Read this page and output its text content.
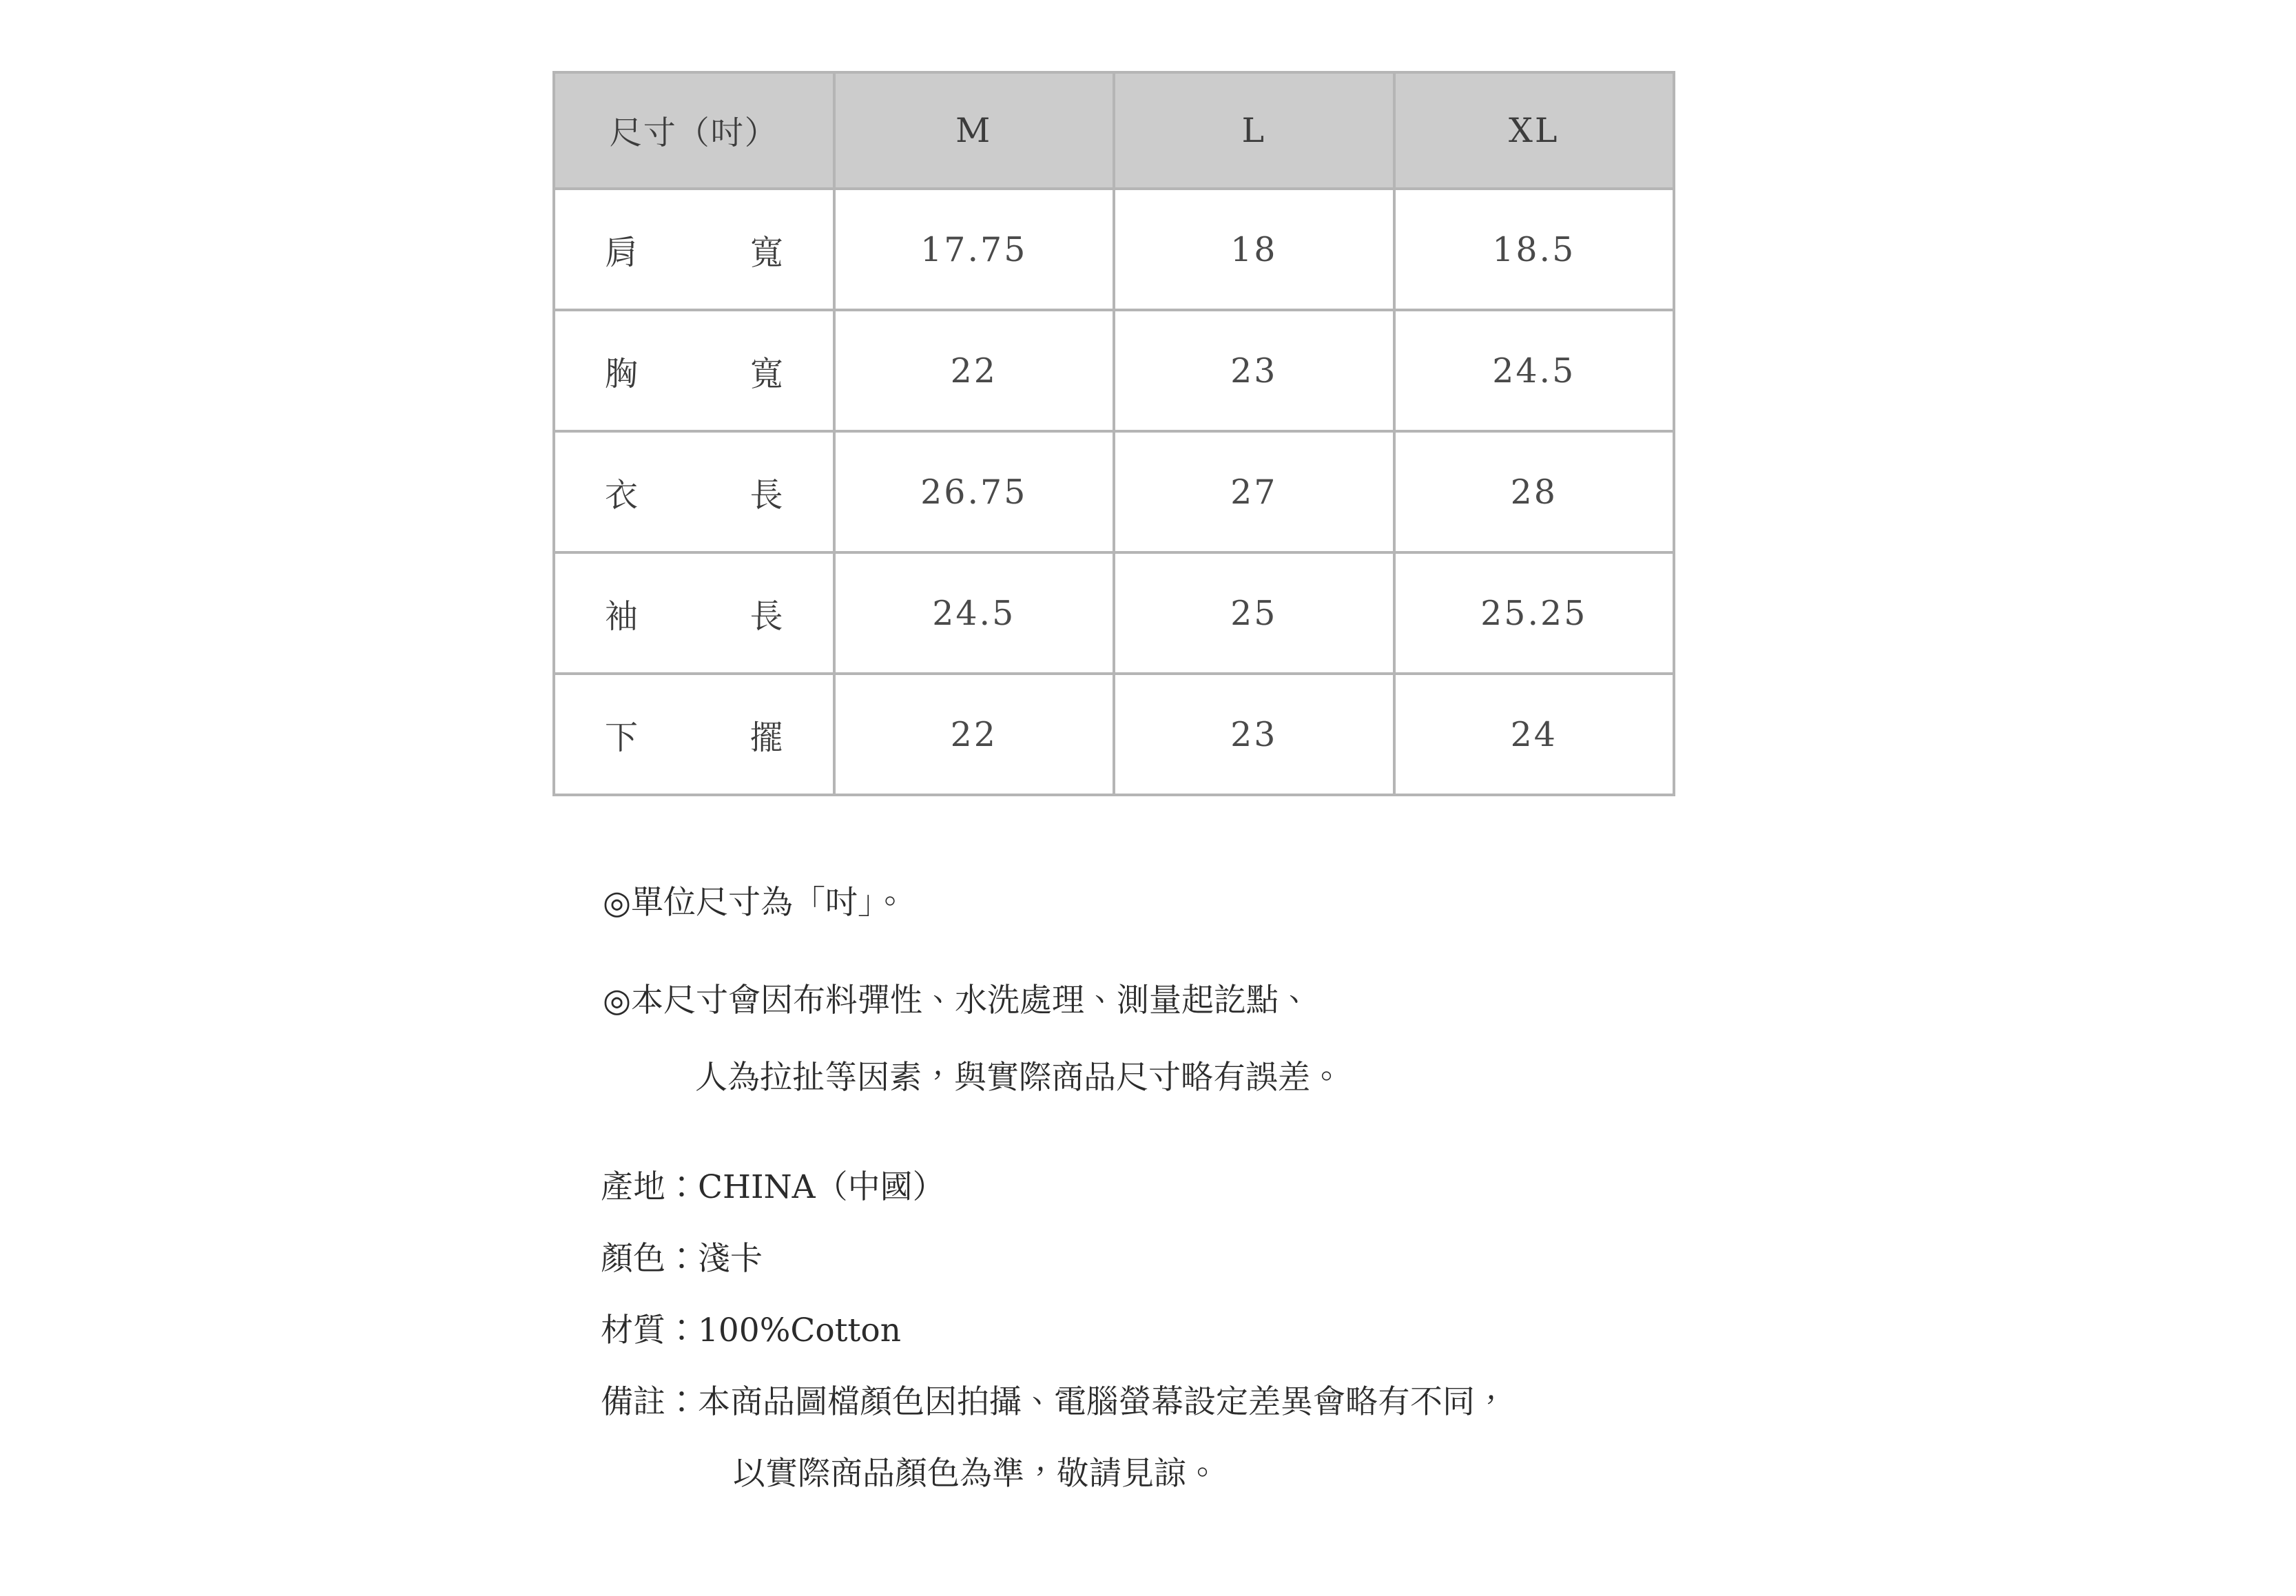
尺寸（吋）	M	L	XL

肩 寬	17.75	18	18.5

胸 寬	22	23	24.5

衣 長	26.75	27	28

袖 長	24.5	25	25.25

下 擺	22	23	24
◎單位尺寸為「吋」。
◎本尺寸會因布料彈性、水洗處理、測量起訖點、
人為拉扯等因素，與實際商品尺寸略有誤差。
產地：CHINA（中國）
顏色：淺卡
材質：100%Cotton
備註：本商品圖檔顏色因拍攝、電腦螢幕設定差異會略有不同，
以實際商品顏色為準，敬請見諒。
